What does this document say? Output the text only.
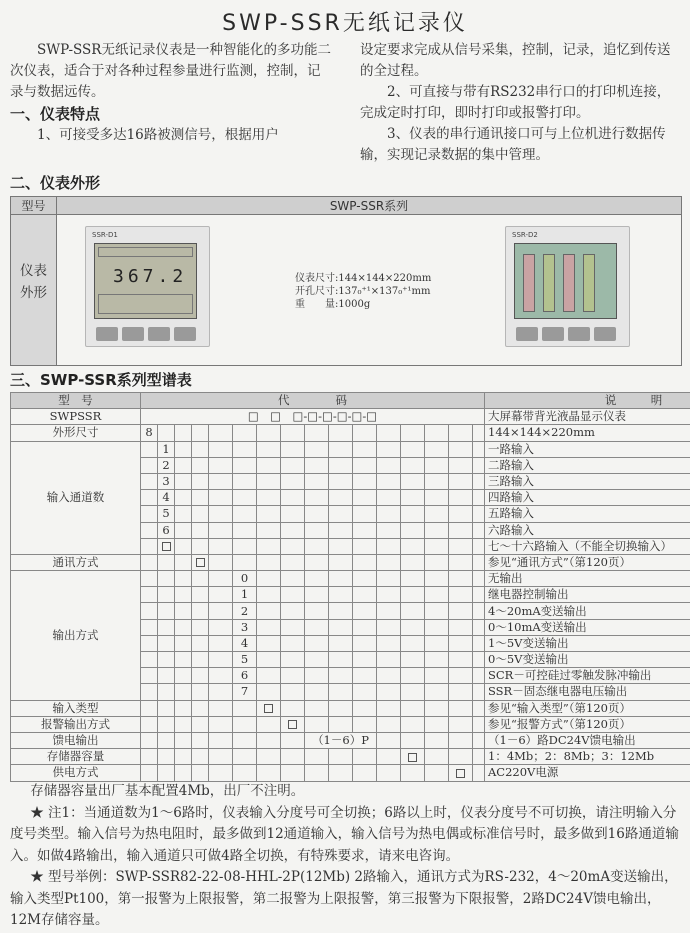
SWP-SSR无纸记录仪

SWP-SSR无纸记录仪表是一种智能化的多功能二次仪表，适合于对各种过程参量进行监测，控制，记录与数据远传。

一、仪表特点

1、可接受多达16路被测信号，根据用户

设定要求完成从信号采集，控制，记录，追忆到传送的全过程。

2、可直接与带有RS232串行口的打印机连接，完成定时打印，即时打印或报警打印。

3、仪表的串行通讯接口可与上位机进行数据传输，实现记录数据的集中管理。

二、仪表外形
型号	SWP-SSR系列
仪表
外形
SSR-D1
367.2
SSR-D2
仪表尺寸:144×144×220mm
开孔尺寸:137₀⁺¹×137₀⁺¹mm
重　　量:1000g
三、SWP-SSR系列型谱表
型　号	代　　　　码																说　　　明
SWPSSR	□　□　□-□-□-□-□-□																大屏幕带背光液晶显示仪表
外形尺寸	8																144×144×220mm
输入通道数		1															一路输入
		2															二路输入
		3															三路输入
		4															四路输入
		5															五路输入
		6															六路输入
																	七～十六路输入（不能全切换输入）
通讯方式																	参见“通讯方式”（第120页）
输出方式						0											无输出
						1											继电器控制输出
						2											4～20mA变送输出
						3											0～10mA变送输出
						4											1～5V变送输出
						5											0～5V变送输出
						6											SCR－可控硅过零触发脉冲输出
						7											SSR－固态继电器电压输出
输入类型																	参见“输入类型”（第120页）
报警输出方式																	参见“报警方式”（第120页）
馈电输出									（1－6）P								（1－6）路DC24V馈电输出
存储器容量																	1：4Mb；2：8Mb；3：12Mb
供电方式																	AC220V电源

存储器容量出厂基本配置4Mb，出厂不注明。

★ 注1：当通道数为1～6路时，仪表输入分度号可全切换；6路以上时，仪表分度号不可切换，请注明输入分度号类型。输入信号为热电阻时，最多做到12通道输入，输入信号为热电偶或标准信号时，最多做到16路通道输入。如做4路输出，输入通道只可做4路全切换，有特殊要求，请来电咨询。

★ 型号举例：SWP-SSR82-22-08-HHL-2P(12Mb) 2路输入，通讯方式为RS-232，4～20mA变送输出，输入类型Pt100，第一报警为上限报警，第二报警为上限报警，第三报警为下限报警，2路DC24V馈电输出，12M存储容量。
